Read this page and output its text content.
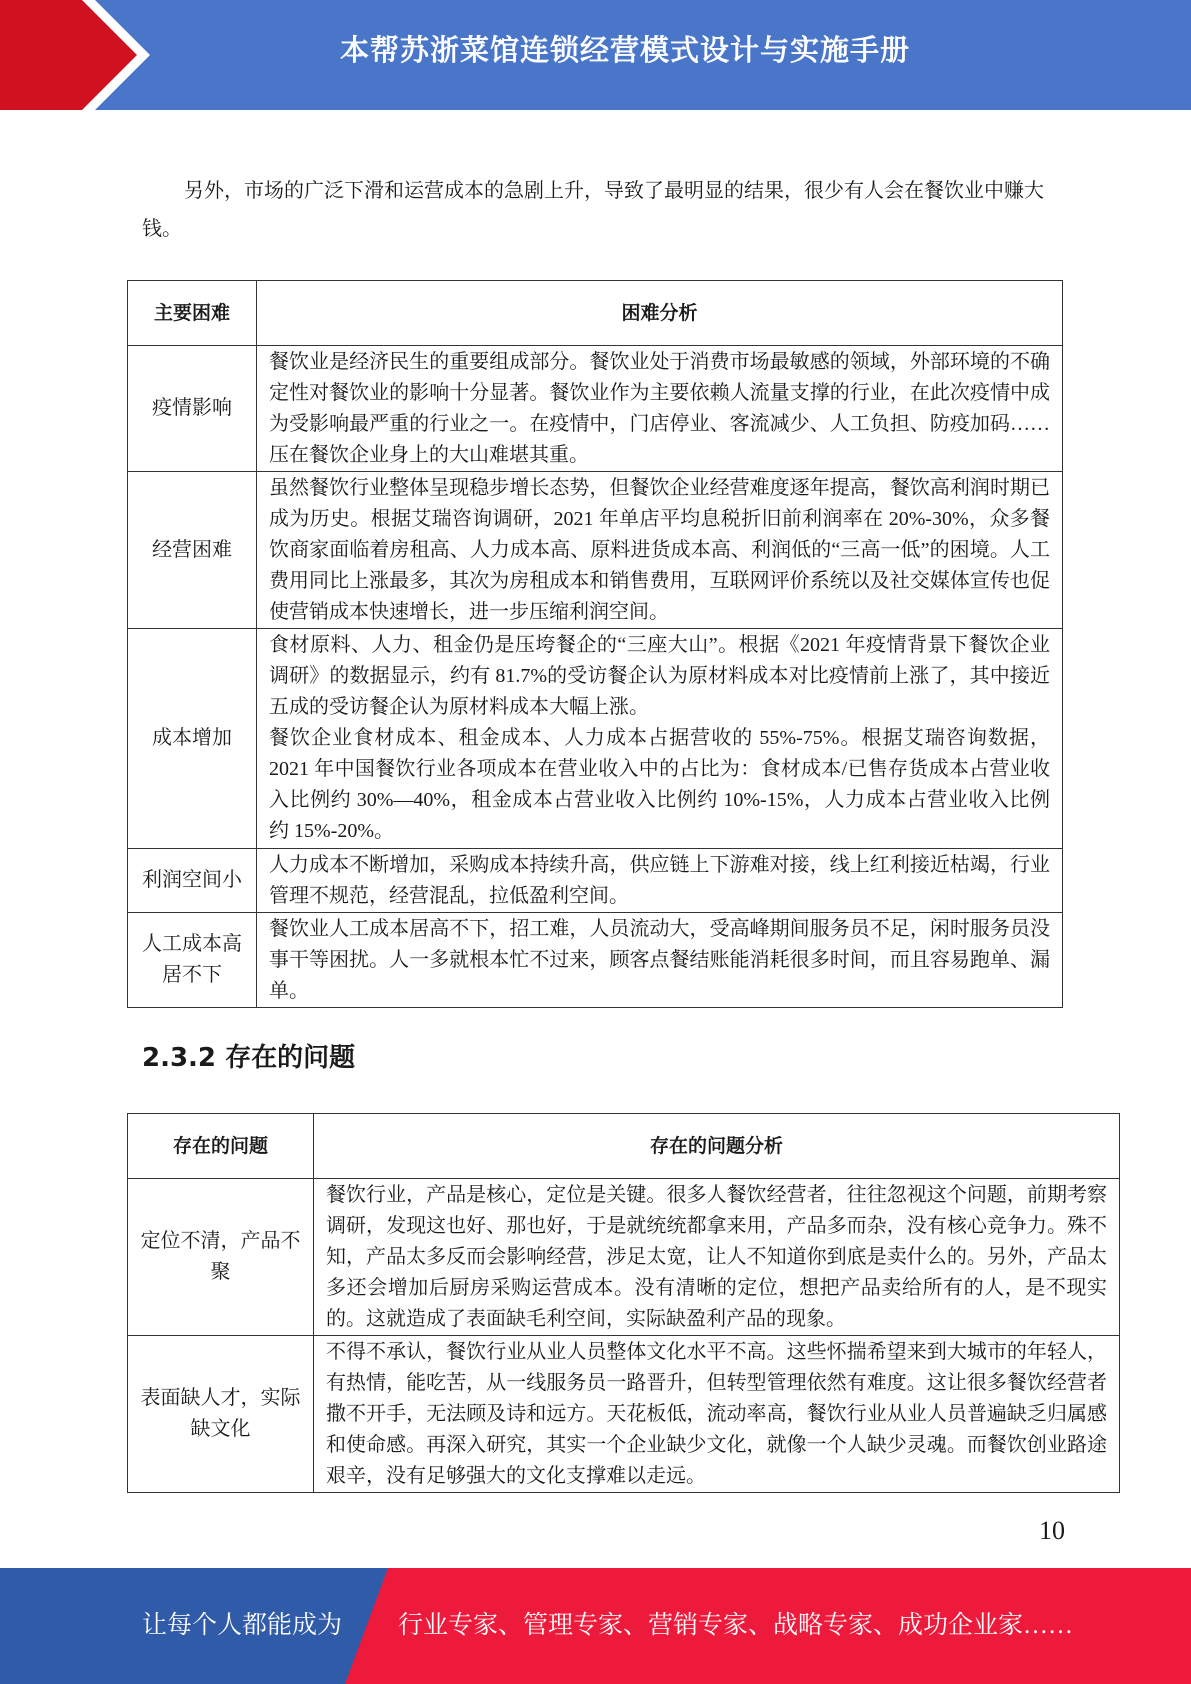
本帮苏浙菜馆连锁经营模式设计与实施手册

另外，市场的广泛下滑和运营成本的急剧上升，导致了最明显的结果，很少有人会在餐饮业中赚大钱。

主要困难	困难分析
疫情影响	餐饮业是经济民生的重要组成部分。餐饮业处于消费市场最敏感的领域，外部环境的不确定性对餐饮业的影响十分显著。餐饮业作为主要依赖人流量支撑的行业，在此次疫情中成为受影响最严重的行业之一。在疫情中，门店停业、客流减少、人工负担、防疫加码……压在餐饮企业身上的大山难堪其重。
经营困难	虽然餐饮行业整体呈现稳步增长态势，但餐饮企业经营难度逐年提高，餐饮高利润时期已成为历史。根据艾瑞咨询调研，2021 年单店平均息税折旧前利润率在 20%-30%，众多餐饮商家面临着房租高、人力成本高、原料进货成本高、利润低的“三高一低”的困境。人工费用同比上涨最多，其次为房租成本和销售费用，互联网评价系统以及社交媒体宣传也促使营销成本快速增长，进一步压缩利润空间。
成本增加	食材原料、人力、租金仍是压垮餐企的“三座大山”。根据《2021 年疫情背景下餐饮企业调研》的数据显示，约有 81.7%的受访餐企认为原材料成本对比疫情前上涨了，其中接近五成的受访餐企认为原材料成本大幅上涨。
餐饮企业食材成本、租金成本、人力成本占据营收的 55%-75%。根据艾瑞咨询数据，2021 年中国餐饮行业各项成本在营业收入中的占比为：食材成本/已售存货成本占营业收入比例约 30%—40%，租金成本占营业收入比例约 10%-15%，人力成本占营业收入比例约 15%-20%。

利润空间小	人力成本不断增加，采购成本持续升高，供应链上下游难对接，线上红利接近枯竭，行业管理不规范，经营混乱，拉低盈利空间。
人工成本高居不下	餐饮业人工成本居高不下，招工难，人员流动大，受高峰期间服务员不足，闲时服务员没事干等困扰。人一多就根本忙不过来，顾客点餐结账能消耗很多时间，而且容易跑单、漏单。
2.3.2 存在的问题
存在的问题	存在的问题分析
定位不清，产品不聚	餐饮行业，产品是核心，定位是关键。很多人餐饮经营者，往往忽视这个问题，前期考察调研，发现这也好、那也好，于是就统统都拿来用，产品多而杂，没有核心竞争力。殊不知，产品太多反而会影响经营，涉足太宽，让人不知道你到底是卖什么的。另外，产品太多还会增加后厨房采购运营成本。没有清晰的定位，想把产品卖给所有的人，是不现实的。这就造成了表面缺毛利空间，实际缺盈利产品的现象。
表面缺人才，实际缺文化	不得不承认，餐饮行业从业人员整体文化水平不高。这些怀揣希望来到大城市的年轻人，有热情，能吃苦，从一线服务员一路晋升，但转型管理依然有难度。这让很多餐饮经营者撒不开手，无法顾及诗和远方。天花板低，流动率高，餐饮行业从业人员普遍缺乏归属感和使命感。再深入研究，其实一个企业缺少文化，就像一个人缺少灵魂。而餐饮创业路途艰辛，没有足够强大的文化支撑难以走远。
10
让每个人都能成为 行业专家、管理专家、营销专家、战略专家、成功企业家……
